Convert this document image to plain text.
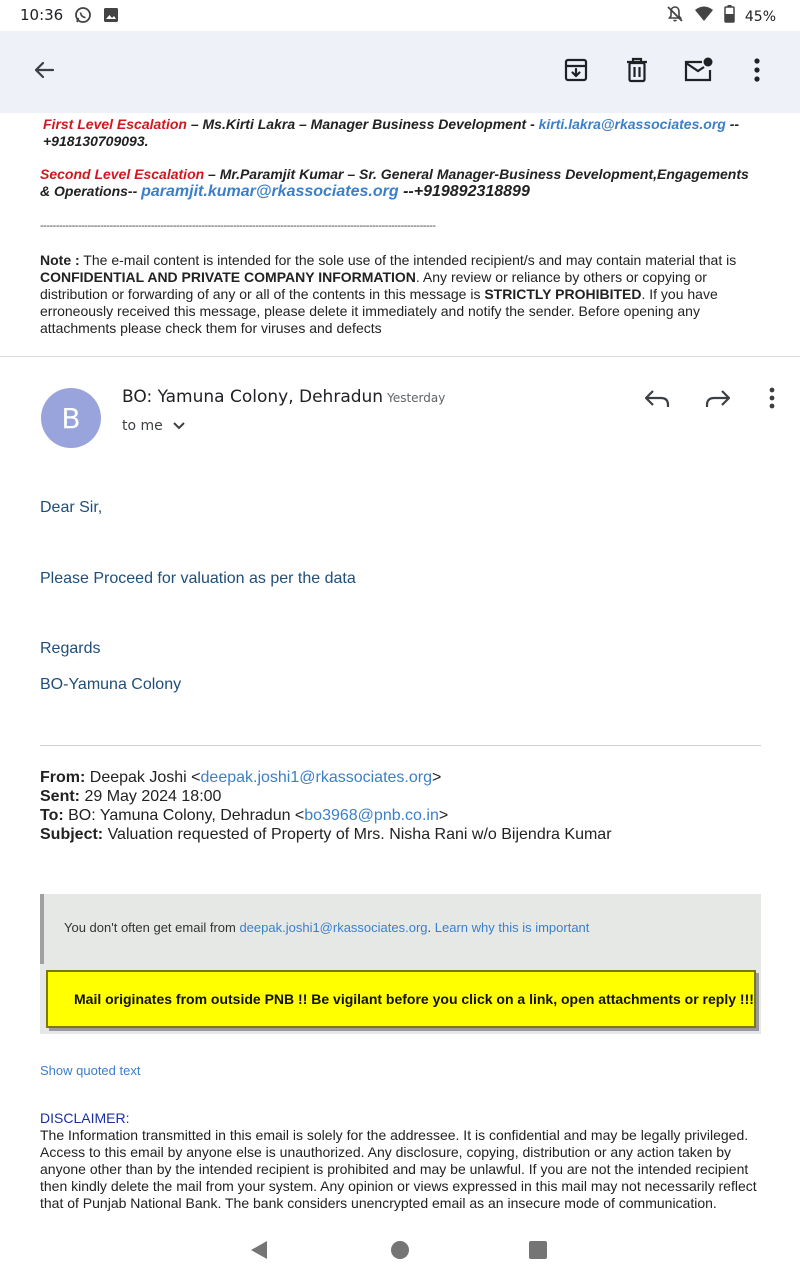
10:36	45%
First Level Escalation – Ms.Kirti Lakra – Manager Business Development - kirti.lakra@rkassociates.org --+918130709093.
Second Level Escalation – Mr.Paramjit Kumar – Sr. General Manager-Business Development,Engagements & Operations-- paramjit.kumar@rkassociates.org --+919892318899
-----------------------------------------------------------------------------------------------------------------------------
Note : The e-mail content is intended for the sole use of the intended recipient/s and may contain material that is CONFIDENTIAL AND PRIVATE COMPANY INFORMATION. Any review or reliance by others or copying or distribution or forwarding of any or all of the contents in this message is STRICTLY PROHIBITED. If you have erroneously received this message, please delete it immediately and notify the sender. Before opening any attachments please check them for viruses and defects
B
BO: Yamuna Colony, Dehradun Yesterday
to me
Dear Sir,
Please Proceed for valuation as per the data
Regards
BO-Yamuna Colony
From: Deepak Joshi <deepak.joshi1@rkassociates.org>
Sent: 29 May 2024 18:00
To: BO: Yamuna Colony, Dehradun <bo3968@pnb.co.in>
Subject: Valuation requested of Property of Mrs. Nisha Rani w/o Bijendra Kumar
You don't often get email from deepak.joshi1@rkassociates.org. Learn why this is important
Mail originates from outside PNB !! Be vigilant before you click on a link, open attachments or reply !!!
Show quoted text
DISCLAIMER:
The Information transmitted in this email is solely for the addressee. It is confidential and may be legally privileged. Access to this email by anyone else is unauthorized. Any disclosure, copying, distribution or any action taken by anyone other than by the intended recipient is prohibited and may be unlawful. If you are not the intended recipient then kindly delete the mail from your system. Any opinion or views expressed in this mail may not necessarily reflect that of Punjab National Bank. The bank considers unencrypted email as an insecure mode of communication.
